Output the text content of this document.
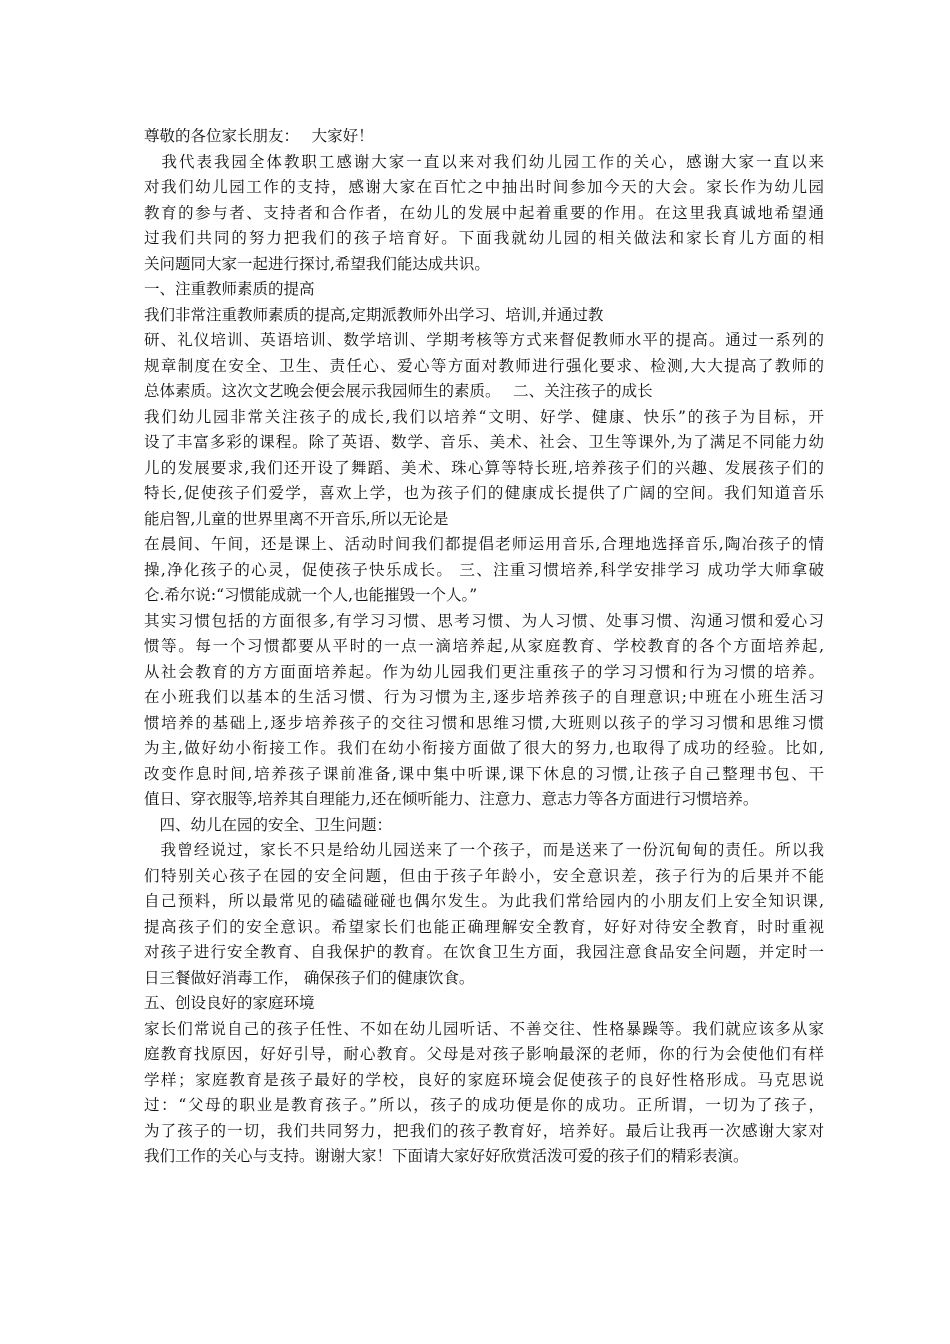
尊敬的各位家长朋友：　 大家好！
　我代表我园全体教职工感谢大家一直以来对我们幼儿园工作的关心，感谢大家一直以来
对我们幼儿园工作的支持，感谢大家在百忙之中抽出时间参加今天的大会。家长作为幼儿园
教育的参与者、支持者和合作者，在幼儿的发展中起着重要的作用。在这里我真诚地希望通
过我们共同的努力把我们的孩子培育好。下面我就幼儿园的相关做法和家长育儿方面的相
关问题同大家一起进行探讨,希望我们能达成共识。
一、注重教师素质的提高
我们非常注重教师素质的提高,定期派教师外出学习、培训,并通过教
研、礼仪培训、英语培训、数学培训、学期考核等方式来督促教师水平的提高。通过一系列的
规章制度在安全、卫生、责任心、爱心等方面对教师进行强化要求、检测,大大提高了教师的
总体素质。这次文艺晚会便会展示我园师生的素质。　 二、关注孩子的成长
我们幼儿园非常关注孩子的成长,我们以培养“文明、好学、健康、快乐”的孩子为目标，开
设了丰富多彩的课程。除了英语、数学、音乐、美术、社会、卫生等课外,为了满足不同能力幼
儿的发展要求,我们还开设了舞蹈、美术、珠心算等特长班,培养孩子们的兴趣、发展孩子们的
特长,促使孩子们爱学，喜欢上学，也为孩子们的健康成长提供了广阔的空间。我们知道音乐
能启智,儿童的世界里离不开音乐,所以无论是
在晨间、午间，还是课上、活动时间我们都提倡老师运用音乐,合理地选择音乐,陶冶孩子的情
操,净化孩子的心灵，促使孩子快乐成长。 三、注重习惯培养,科学安排学习 成功学大师拿破
仑.希尔说:“习惯能成就一个人,也能摧毁一个人。”
其实习惯包括的方面很多,有学习习惯、思考习惯、为人习惯、处事习惯、沟通习惯和爱心习
惯等。每一个习惯都要从平时的一点一滴培养起,从家庭教育、学校教育的各个方面培养起,
从社会教育的方方面面培养起。作为幼儿园我们更注重孩子的学习习惯和行为习惯的培养。
在小班我们以基本的生活习惯、行为习惯为主,逐步培养孩子的自理意识;中班在小班生活习
惯培养的基础上,逐步培养孩子的交往习惯和思维习惯,大班则以孩子的学习习惯和思维习惯
为主,做好幼小衔接工作。我们在幼小衔接方面做了很大的努力,也取得了成功的经验。比如,
改变作息时间,培养孩子课前准备,课中集中听课,课下休息的习惯,让孩子自己整理书包、干
值日、穿衣服等,培养其自理能力,还在倾听能力、注意力、意志力等各方面进行习惯培养。
　四、幼儿在园的安全、卫生问题：
　我曾经说过，家长不只是给幼儿园送来了一个孩子，而是送来了一份沉甸甸的责任。所以我
们特别关心孩子在园的安全问题，但由于孩子年龄小，安全意识差，孩子行为的后果并不能
自己预料，所以最常见的磕磕碰碰也偶尔发生。为此我们常给园内的小朋友们上安全知识课,
提高孩子们的安全意识。希望家长们也能正确理解安全教育，好好对待安全教育，时时重视
对孩子进行安全教育、自我保护的教育。在饮食卫生方面，我园注意食品安全问题，并定时一
日三餐做好消毒工作， 确保孩子们的健康饮食。
五、创设良好的家庭环境
家长们常说自己的孩子任性、不如在幼儿园听话、不善交往、性格暴躁等。我们就应该多从家
庭教育找原因，好好引导，耐心教育。父母是对孩子影响最深的老师，你的行为会使他们有样
学样；家庭教育是孩子最好的学校，良好的家庭环境会促使孩子的良好性格形成。马克思说
过：“父母的职业是教育孩子。”所以，孩子的成功便是你的成功。正所谓，一切为了孩子，
为了孩子的一切，我们共同努力，把我们的孩子教育好，培养好。最后让我再一次感谢大家对
我们工作的关心与支持。谢谢大家！下面请大家好好欣赏活泼可爱的孩子们的精彩表演。
